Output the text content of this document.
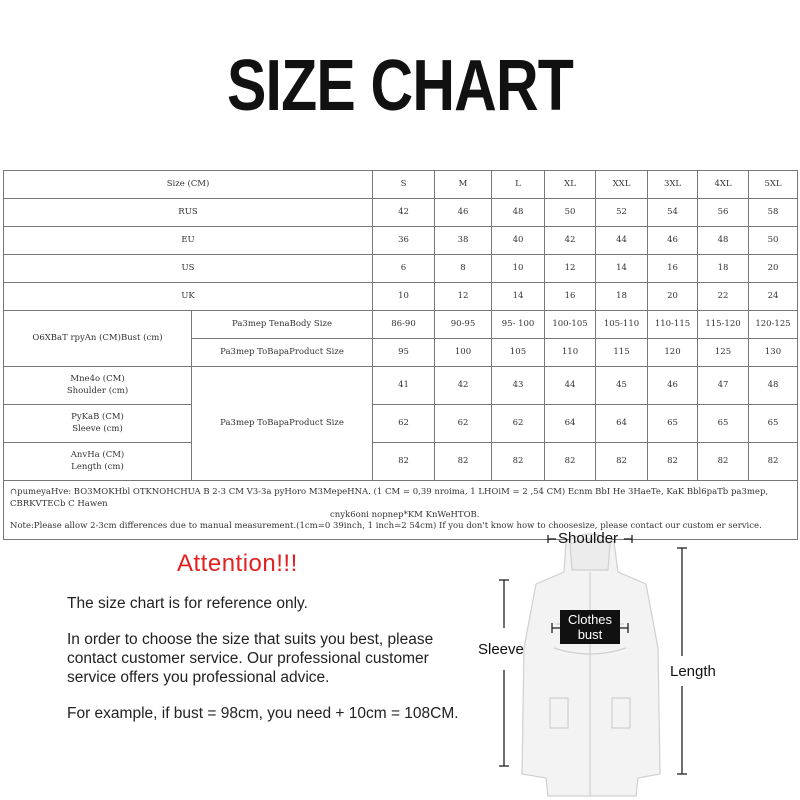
SIZE CHART
Size (CM)		S	M	L	XL	XXL	3XL	4XL	5XL
RUS		42	46	48	50	52	54	56	58
EU		36	38	40	42	44	46	48	50
US		6	8	10	12	14	16	18	20
UK		10	12	14	16	18	20	22	24
O6XBaT rpyAn (CM)Bust (cm)	Pa3mep TenaBody Size	86-90	90-95	95- 100	100-105	105-110	110-115	115-120	120-125
	Pa3mep ToBapaProduct Size	95	100	105	110	115	120	125	130

Mne4o (CM)
Shoulder (cm)	Pa3mep ToBapaProduct Size	41	42	43	44	45	46	47	48

PyKaB (CM)
Sleeve (cm)		62	62	62	64	64	65	65	65

AnvHa (CM)
Length (cm)		82	82	82	82	82	82	82	82

∩pumeyaHve: BO3MOKHbl OTKNOHCHUA B 2-3 CM V3-3a pyHoro M3MepeHNA. (1 CM = 0,39 nroima, 1 LHOiM = 2 ,54 CM) Ecnm BbI He 3HaeTe, KaK Bbl6paTb pa3mep, CBRKVTECb C Hawen
cnyk6oni nopnep*KM KnWeHTOB.
Note:Please allow 2-3cm differences due to manual measurement.(1cm=0 39inch, 1 inch=2 54cm) If you don't know how to choosesize, please contact our custom er service.									
Attention!!!

The size chart is for reference only.

In order to choose the size that suits you best, please contact customer service. Our professional customer service offers you professional advice.

For example, if bust = 98cm, you need + 10cm = 108CM.

Shoulder
Sleeve
Length
Clothes
bust
